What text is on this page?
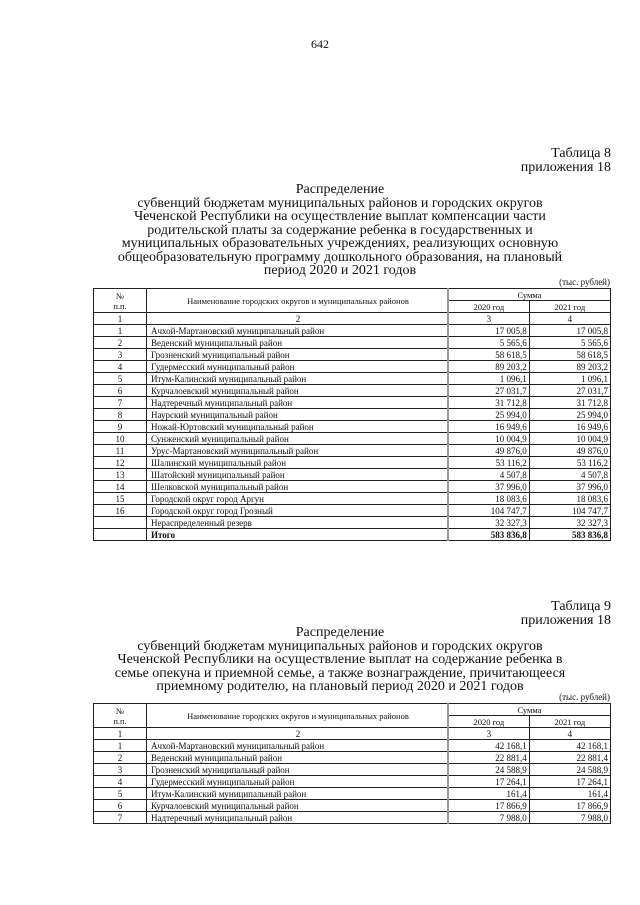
642
Таблица 8
приложения 18
Распределение
субвенций бюджетам муниципальных районов и городских округов
Чеченской Республики на осуществление выплат компенсации части
родительской платы за содержание ребенка в государственных и
муниципальных образовательных учреждениях, реализующих основную
общеобразовательную программу дошкольного образования, на плановый
период 2020 и 2021 годов
(тыс. рублей)
№
п.п.	Наименование городских округов и муниципальных районов	Сумма	
		2020 год	2021 год
1	2	3	4
1	Ачхой-Мартановский муниципальный район	17 005,8	17 005,8
2	Веденский муниципальный район	5 565,6	5 565,6
3	Грозненский муниципальный район	58 618,5	58 618,5
4	Гудермесский муниципальный район	89 203,2	89 203,2
5	Итум-Калинский муниципальный район	1 096,1	1 096,1
6	Курчалоевский муниципальный район	27 031,7	27 031,7
7	Надтеречный муниципальный район	31 712,8	31 712,8
8	Наурский муниципальный район	25 994,0	25 994,0
9	Ножай-Юртовский муниципальный район	16 949,6	16 949,6
10	Сунженский муниципальный район	10 004,9	10 004,9
11	Урус-Мартановский муниципальный район	49 876,0	49 876,0
12	Шалинский муниципальный район	53 116,2	53 116,2
13	Шатойский муниципальный район	4 507,8	4 507,8
14	Шелковской муниципальный район	37 996,0	37 996,0
15	Городской округ город Аргун	18 083,6	18 083,6
16	Городской округ город Грозный	104 747,7	104 747,7
	Нераспределенный резерв	32 327,3	32 327,3
	Итого	583 836,8	583 836,8
Таблица 9
приложения 18
Распределение
субвенций бюджетам муниципальных районов и городских округов
Чеченской Республики на осуществление выплат на содержание ребенка в
семье опекуна и приемной семье, а также вознаграждение, причитающееся
приемному родителю, на плановый период 2020 и 2021 годов
(тыс. рублей)
№
п.п.	Наименование городских округов и муниципальных районов	Сумма	
		2020 год	2021 год
1	2	3	4
1	Ачхой-Мартановский муниципальный район	42 168,1	42 168,1
2	Веденский муниципальный район	22 881,4	22 881,4
3	Грозненский муниципальный район	24 588,9	24 588,9
4	Гудермесский муниципальный район	17 264,1	17 264,1
5	Итум-Калинский муниципальный район	161,4	161,4
6	Курчалоевский муниципальный район	17 866,9	17 866,9
7	Надтеречный муниципальный район	7 988,0	7 988,0
